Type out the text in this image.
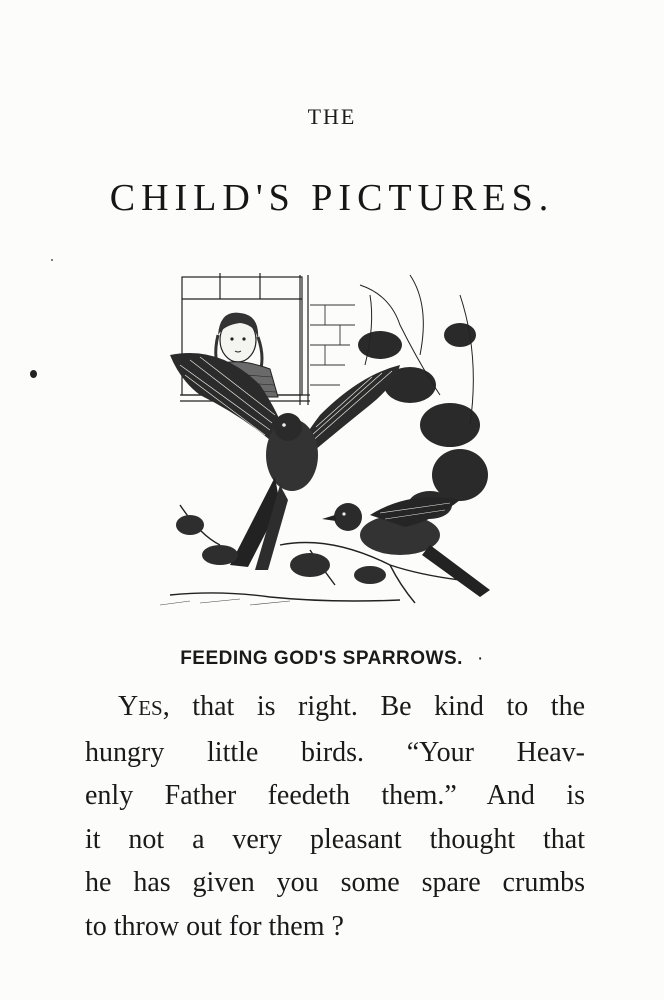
THE
CHILD'S PICTURES.
FEEDING GOD'S SPARROWS. ·
YES, that is right. Be kind to the
hungry little birds. “Your Heav-
enly Father feedeth them.” And is
it not a very pleasant thought that
he has given you some spare crumbs
to throw out for them ?
